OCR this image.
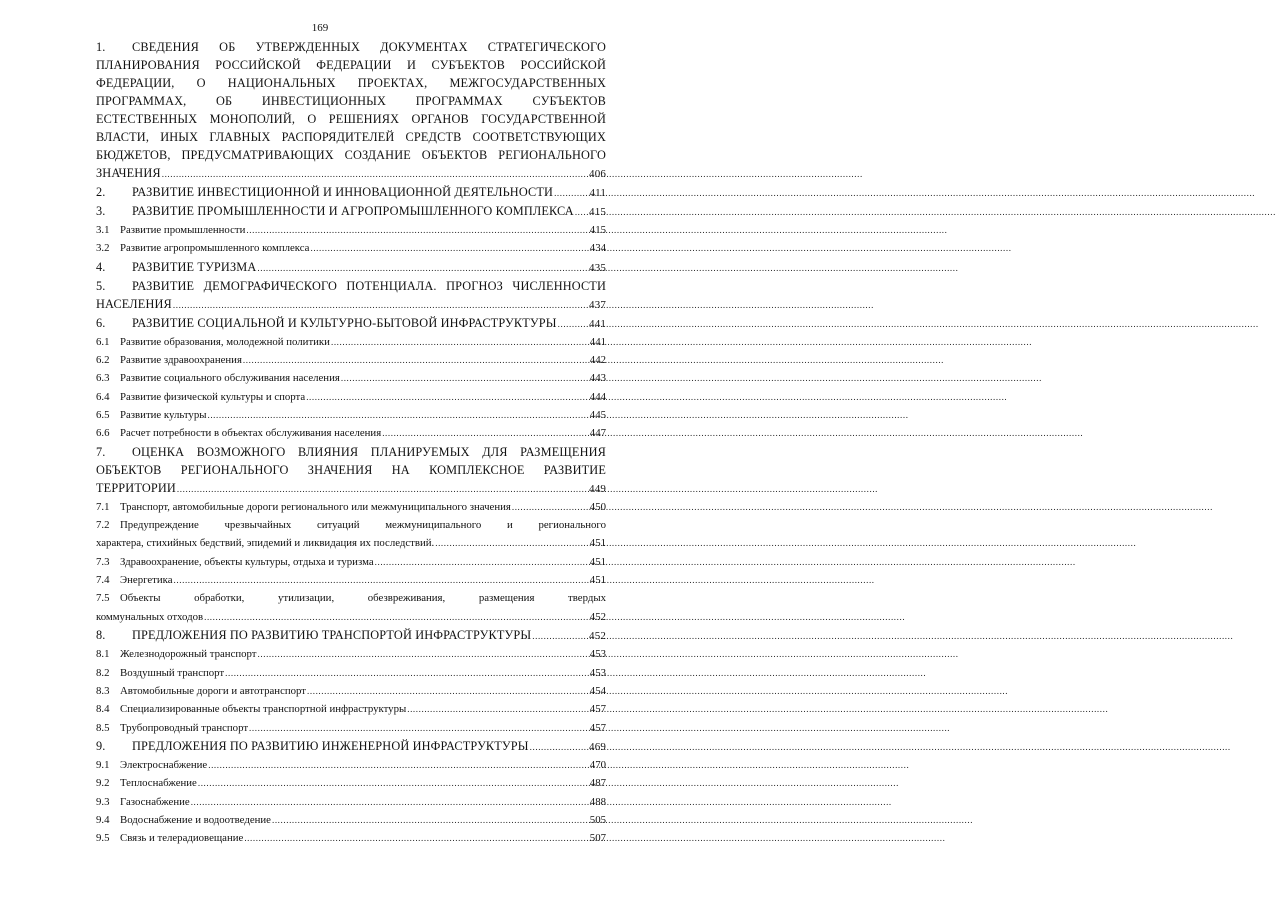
169
1. СВЕДЕНИЯ ОБ УТВЕРЖДЕННЫХ ДОКУМЕНТАХ СТРАТЕГИЧЕСКОГО
ПЛАНИРОВАНИЯ РОССИЙСКОЙ ФЕДЕРАЦИИ И СУБЪЕКТОВ РОССИЙСКОЙ
ФЕДЕРАЦИИ, О НАЦИОНАЛЬНЫХ ПРОЕКТАХ, МЕЖГОСУДАРСТВЕННЫХ
ПРОГРАММАХ, ОБ ИНВЕСТИЦИОННЫХ ПРОГРАММАХ СУБЪЕКТОВ
ЕСТЕСТВЕННЫХ МОНОПОЛИЙ, О РЕШЕНИЯХ ОРГАНОВ ГОСУДАРСТВЕННОЙ
ВЛАСТИ, ИНЫХ ГЛАВНЫХ РАСПОРЯДИТЕЛЕЙ СРЕДСТВ СООТВЕТСТВУЮЩИХ
БЮДЖЕТОВ, ПРЕДУСМАТРИВАЮЩИХ СОЗДАНИЕ ОБЪЕКТОВ РЕГИОНАЛЬНОГО
ЗНАЧЕНИЯ .....	406
2.	РАЗВИТИЕ ИНВЕСТИЦИОННОЙ И ИННОВАЦИОННОЙ ДЕЯТЕЛЬНОСТИ .....	411
3.	РАЗВИТИЕ ПРОМЫШЛЕННОСТИ И АГРОПРОМЫШЛЕННОГО КОМПЛЕКСА ..... 415
3.1 Развитие промышленности .....	415
3.2 Развитие агропромышленного комплекса .....	434
4.	РАЗВИТИЕ ТУРИЗМА .....	435
5. РАЗВИТИЕ ДЕМОГРАФИЧЕСКОГО ПОТЕНЦИАЛА. ПРОГНОЗ ЧИСЛЕННОСТИ
НАСЕЛЕНИЯ .....	437
6.	РАЗВИТИЕ СОЦИАЛЬНОЙ И КУЛЬТУРНО-БЫТОВОЙ ИНФРАСТРУКТУРЫ .....	441
6.1 Развитие образования, молодежной политики .....	441
6.2 Развитие здравоохранения .....	442
6.3 Развитие социального обслуживания населения .....	443
6.4 Развитие физической культуры и спорта .....	444
6.5 Развитие культуры .....	445
6.6 Расчет потребности в объектах обслуживания населения .....	447
7. ОЦЕНКА ВОЗМОЖНОГО ВЛИЯНИЯ ПЛАНИРУЕМЫХ ДЛЯ РАЗМЕЩЕНИЯ
ОБЪЕКТОВ РЕГИОНАЛЬНОГО ЗНАЧЕНИЯ НА КОМПЛЕКСНОЕ РАЗВИТИЕ
ТЕРРИТОРИИ .....	449
7.1 Транспорт, автомобильные дороги регионального или межмуниципального значения .....	450
7.2 Предупреждение чрезвычайных ситуаций межмуниципального и регионального
характера, стихийных бедствий, эпидемий и ликвидация их последствий. .....	451
7.3 Здравоохранение, объекты культуры, отдыха и туризма .....	451
7.4 Энергетика .....	451
7.5 Объекты обработки, утилизации, обезвреживания, размещения твердых
коммунальных отходов .....	452
8.	ПРЕДЛОЖЕНИЯ ПО РАЗВИТИЮ ТРАНСПОРТОЙ ИНФРАСТРУКТУРЫ .....	452
8.1 Железнодорожный транспорт .....	453
8.2 Воздушный транспорт .....	453
8.3 Автомобильные дороги и автотранспорт .....	454
8.4 Специализированные объекты транспортной инфраструктуры .....	457
8.5 Трубопроводный транспорт .....	457
9.	ПРЕДЛОЖЕНИЯ ПО РАЗВИТИЮ ИНЖЕНЕРНОЙ ИНФРАСТРУКТУРЫ .....	469
9.1 Электроснабжение .....	470
9.2 Теплоснабжение .....	487
9.3 Газоснабжение .....	488
9.4 Водоснабжение и водоотведение .....	505
9.5 Связь и телерадиовещание .....	507
